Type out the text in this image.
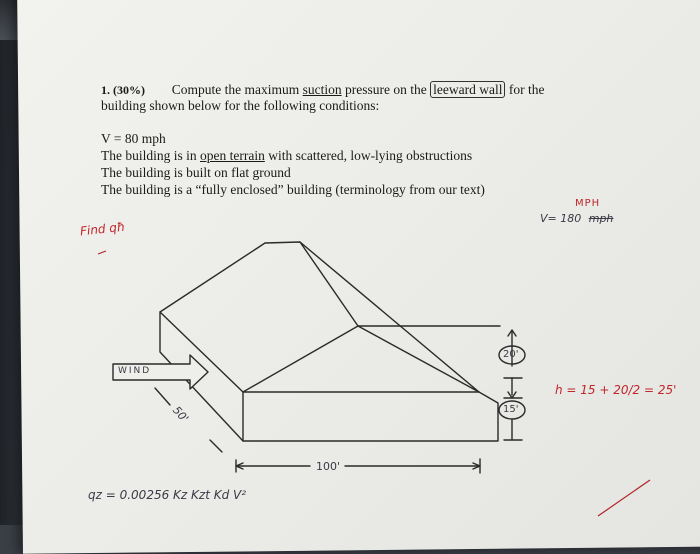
1. (30%) Compute the maximum suction pressure on the leeward wall for the
building shown below for the following conditions:
V = 80 mph
The building is in open terrain with scattered, low-lying obstructions
The building is built on flat ground
The building is a “fully enclosed” building (terminology from our text)
Find qħ
MPH
V= 180 mph
h = 15 + 20/2 = 25'
qz = 0.00256 Kz Kzt Kd V²
WIND
50'
100'
20'
15'
